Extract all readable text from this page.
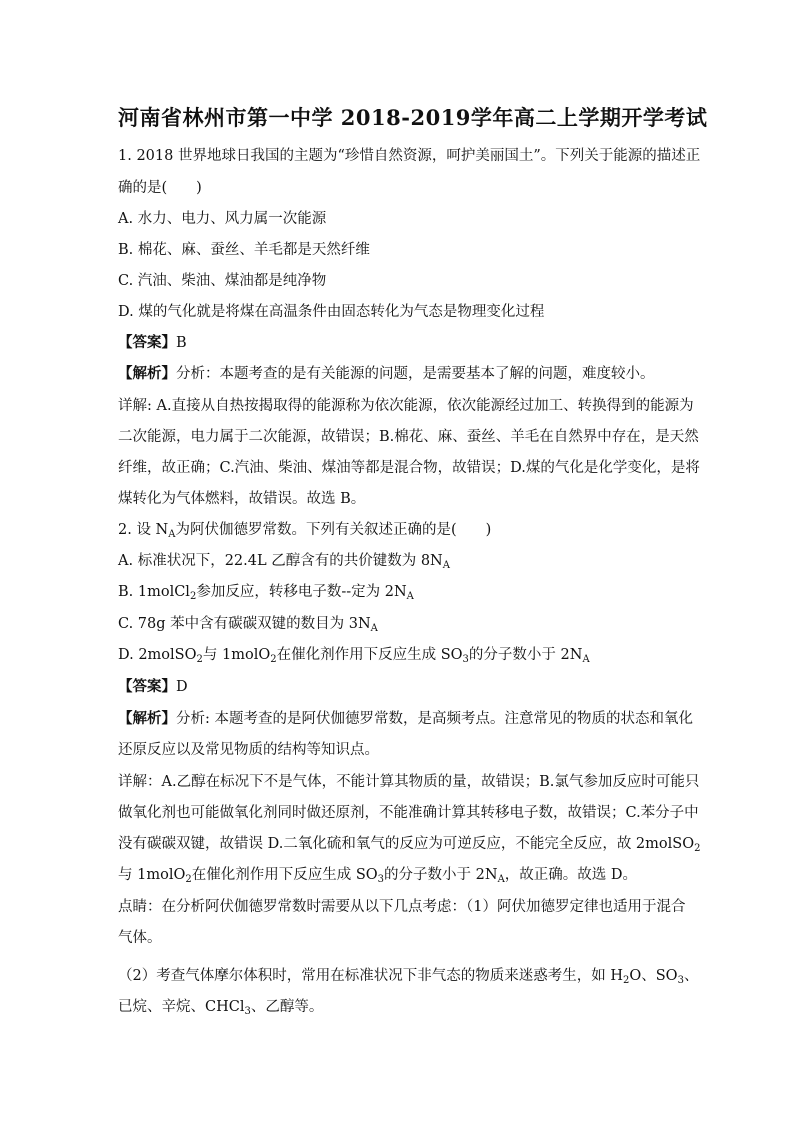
河南省林州市第一中学 2018-2019学年高二上学期开学考试
1. 2018 世界地球日我国的主题为“珍惜自然资源，呵护美丽国土”。下列关于能源的描述正
确的是(　　)
A. 水力、电力、风力属一次能源
B. 棉花、麻、蚕丝、羊毛都是天然纤维
C. 汽油、柴油、煤油都是纯净物
D. 煤的气化就是将煤在高温条件由固态转化为气态是物理变化过程
【答案】B
【解析】分析：本题考查的是有关能源的问题，是需要基本了解的问题，难度较小。
详解: A.直接从自热按揭取得的能源称为依次能源，依次能源经过加工、转换得到的能源为
二次能源，电力属于二次能源，故错误；B.棉花、麻、蚕丝、羊毛在自然界中存在，是天然
纤维，故正确；C.汽油、柴油、煤油等都是混合物，故错误；D.煤的气化是化学变化，是将
煤转化为气体燃料，故错误。故选 B。
2. 设 $N_A$为阿伏伽德罗常数。下列有关叙述正确的是(　　)
A. 标准状况下，22.4L 乙醇含有的共价键数为 $8N_A$
B. 1molCl$_2$参加反应，转移电子数--定为 $2N_A$
C. 78g 苯中含有碳碳双键的数目为 $3N_A$
D. 2molSO$_2$与 1molO$_2$在催化剂作用下反应生成 $SO_3$的分子数小于 $2N_A$
【答案】D
【解析】分析: 本题考查的是阿伏伽德罗常数，是高频考点。注意常见的物质的状态和氧化
还原反应以及常见物质的结构等知识点。
详解：A.乙醇在标况下不是气体，不能计算其物质的量，故错误；B.氯气参加反应时可能只
做氧化剂也可能做氧化剂同时做还原剂，不能准确计算其转移电子数，故错误；C.苯分子中
没有碳碳双键，故错误 D.二氧化硫和氧气的反应为可逆反应，不能完全反应，故 2molSO$_2$
与 1molO$_2$在催化剂作用下反应生成 $SO_3$的分子数小于 $2N_A$，故正确。故选 D。
点睛：在分析阿伏伽德罗常数时需要从以下几点考虑：（1）阿伏加德罗定律也适用于混合
气体。
（2）考查气体摩尔体积时，常用在标准状况下非气态的物质来迷惑考生，如 $H_2O$、$SO_3$、
已烷、辛烷、CHCl$_3$、乙醇等。
